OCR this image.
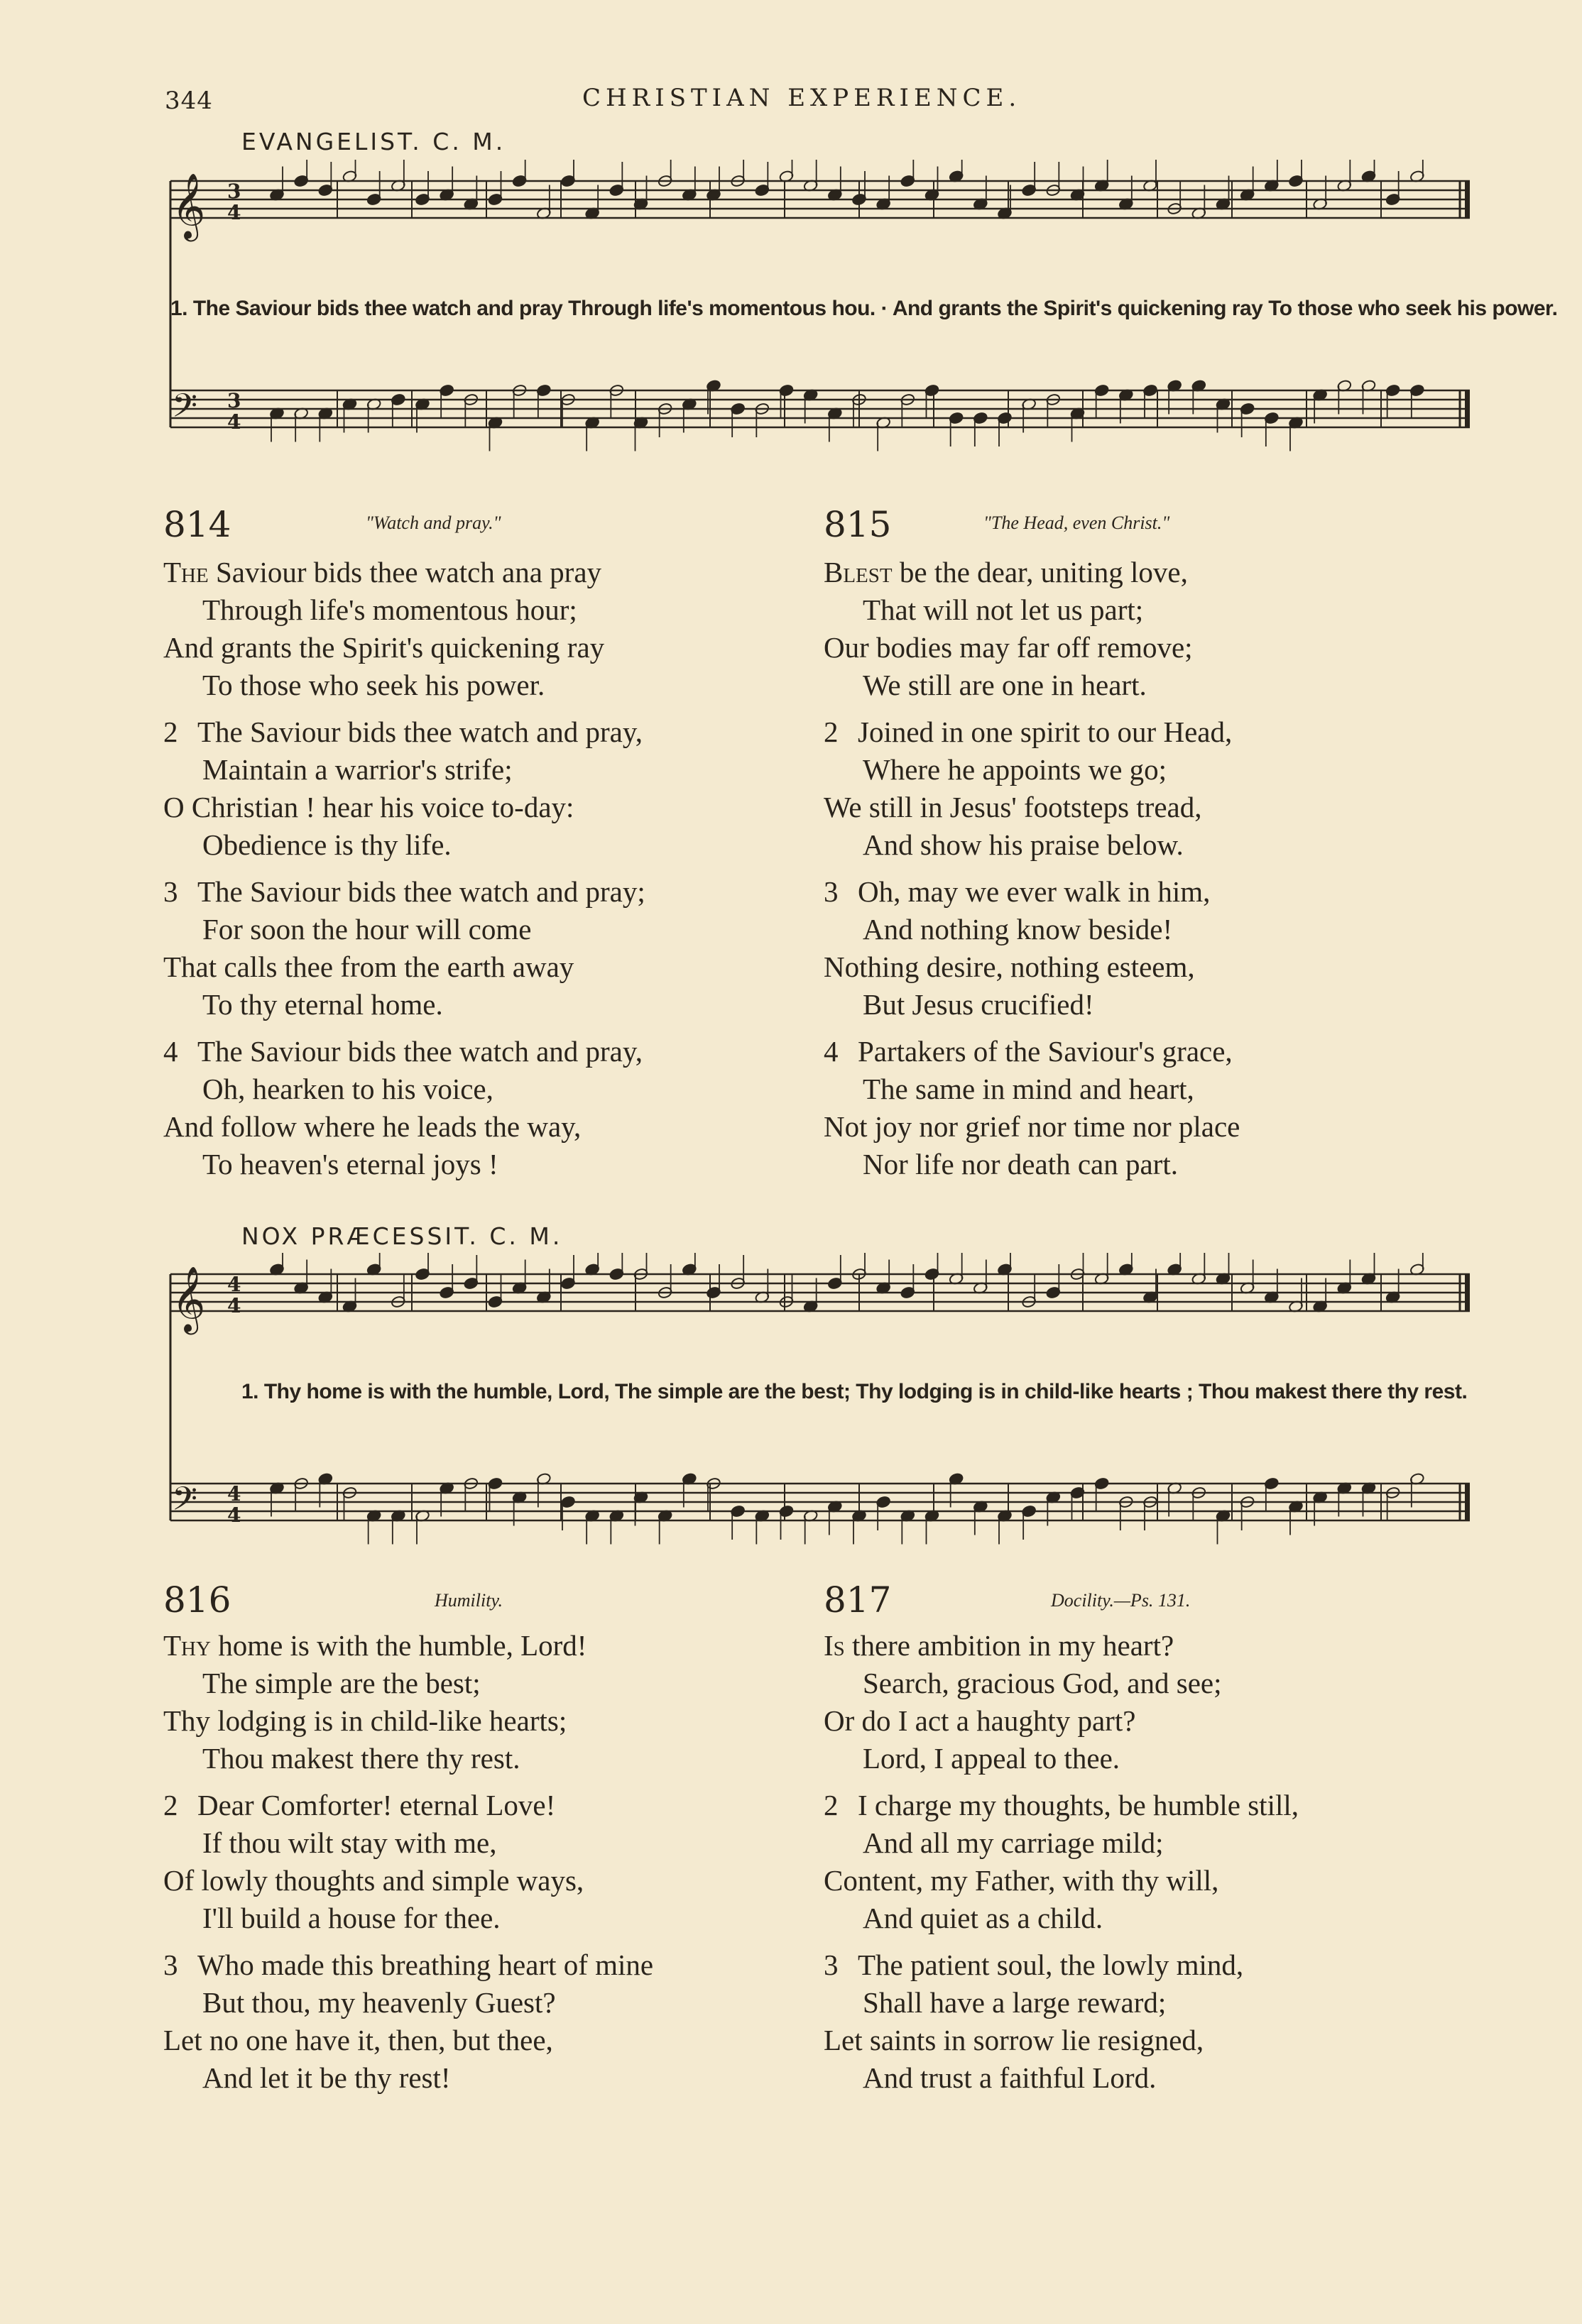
344	CHRISTIAN EXPERIENCE.
EVANGELIST. C. M.
𝄞 3
4
𝄢 3
4
1. The Saviour bids thee watch and pray Through life's momentous hou. · And grants the Spirit's quickening ray To those who seek his power.
814	"Watch and pray."
The Saviour bids thee watch ana pray
Through life's momentous hour;
And grants the Spirit's quickening ray
To those who seek his power.
2 The Saviour bids thee watch and pray,
Maintain a warrior's strife;
O Christian ! hear his voice to-day:
Obedience is thy life.
3 The Saviour bids thee watch and pray;
For soon the hour will come
That calls thee from the earth away
To thy eternal home.
4 The Saviour bids thee watch and pray,
Oh, hearken to his voice,
And follow where he leads the way,
To heaven's eternal joys !
815	"The Head, even Christ."
Blest be the dear, uniting love,
That will not let us part;
Our bodies may far off remove;
We still are one in heart.
2 Joined in one spirit to our Head,
Where he appoints we go;
We still in Jesus' footsteps tread,
And show his praise below.
3 Oh, may we ever walk in him,
And nothing know beside!
Nothing desire, nothing esteem,
But Jesus crucified!
4 Partakers of the Saviour's grace,
The same in mind and heart,
Not joy nor grief nor time nor place
Nor life nor death can part.
NOX PRÆCESSIT. C. M.
𝄞 4
4
𝄢 4
4
1. Thy home is with the humble, Lord, The simple are the best; Thy lodging is in child-like hearts ; Thou makest there thy rest.
816	Humility.
Thy home is with the humble, Lord!
The simple are the best;
Thy lodging is in child-like hearts;
Thou makest there thy rest.
2 Dear Comforter! eternal Love!
If thou wilt stay with me,
Of lowly thoughts and simple ways,
I'll build a house for thee.
3 Who made this breathing heart of mine
But thou, my heavenly Guest?
Let no one have it, then, but thee,
And let it be thy rest!
817	Docility.—Ps. 131.
Is there ambition in my heart?
Search, gracious God, and see;
Or do I act a haughty part?
Lord, I appeal to thee.
2 I charge my thoughts, be humble still,
And all my carriage mild;
Content, my Father, with thy will,
And quiet as a child.
3 The patient soul, the lowly mind,
Shall have a large reward;
Let saints in sorrow lie resigned,
And trust a faithful Lord.
